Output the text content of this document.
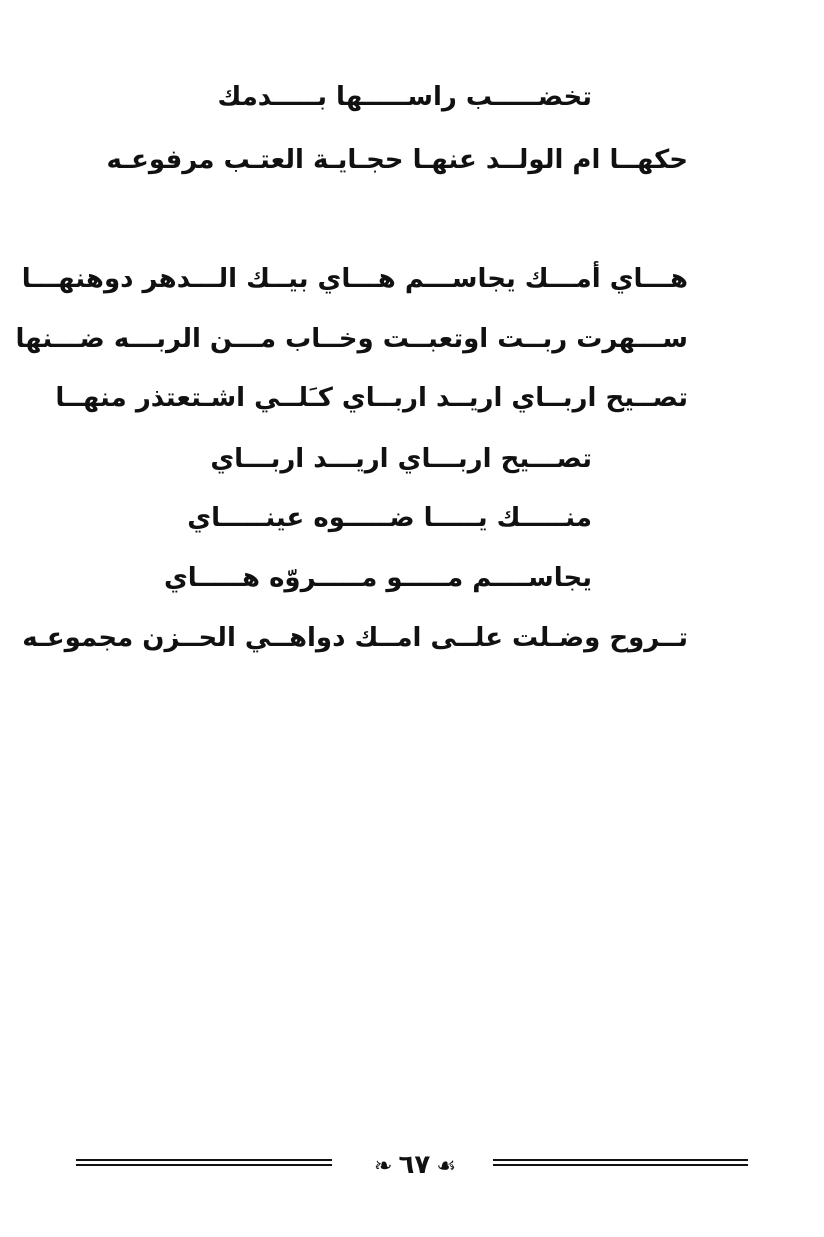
تخضـــــب راســـــها بـــــدمك
حكهــا ام الولــد عنهـا حجـايـة العتـب مرفوعـه
هـــاي أمـــك يجاســـم هـــاي بيــك الـــدهر دوهنهـــا
ســـهرت ربــت اوتعبــت وخــاب مـــن الربـــه ضـــنها
تصــيح اربــاي اريــد اربــاي كـَلــي اشـتعتذر منهــا
تصـــيح اربـــاي اريـــد اربـــاي
منـــــك يـــــا ضـــــوه عينـــــاي
يجاســــم مـــــو مـــــروّه هـــــاي
تــروح وضـلت علــى امــك دواهــي الحــزن مجموعـه
❧ ٦٧ ☙
